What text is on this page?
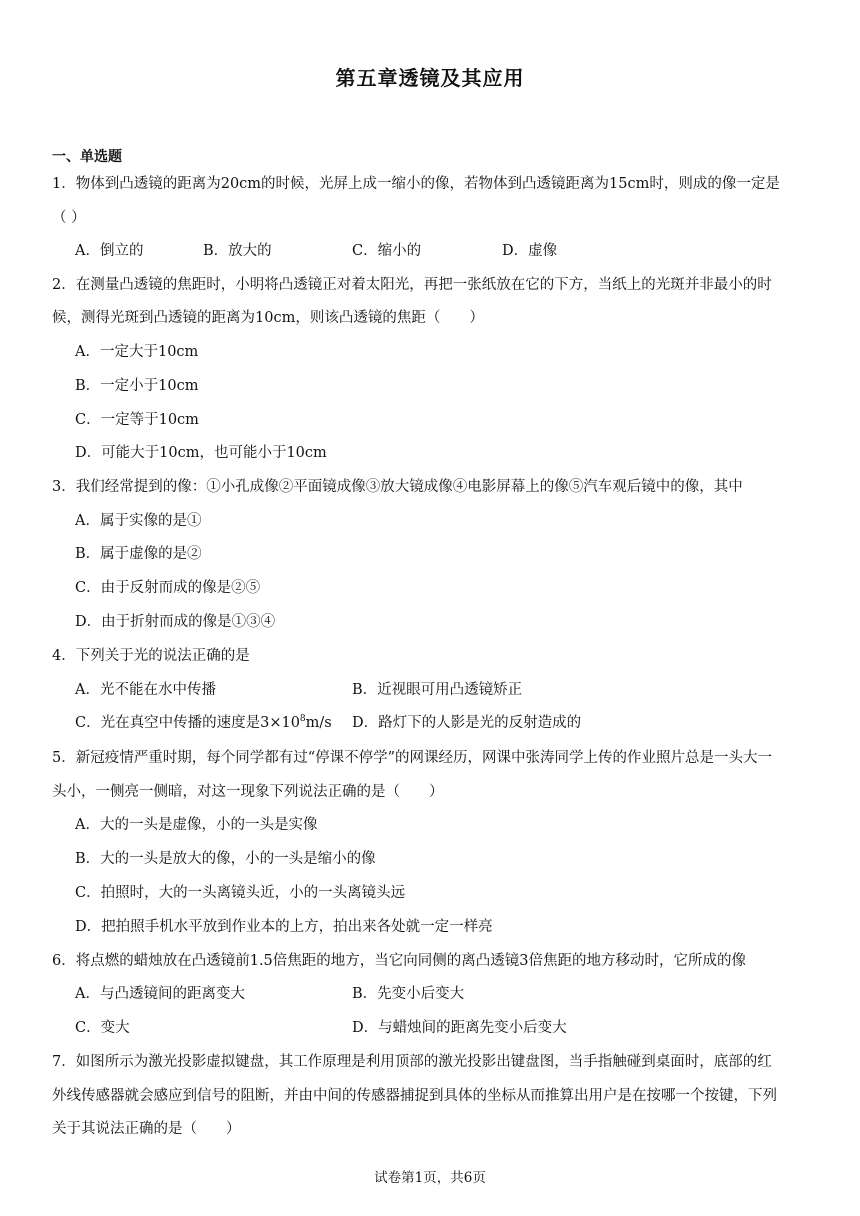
第五章透镜及其应用
一、单选题
1．物体到凸透镜的距离为20cm的时候，光屏上成一缩小的像，若物体到凸透镜距离为15cm时，则成的像一定是
（ ）
A．倒立的	B．放大的	C．缩小的	D．虚像
2．在测量凸透镜的焦距时，小明将凸透镜正对着太阳光，再把一张纸放在它的下方，当纸上的光斑并非最小的时
候，测得光斑到凸透镜的距离为10cm，则该凸透镜的焦距（　　）
A．一定大于10cm
B．一定小于10cm
C．一定等于10cm
D．可能大于10cm，也可能小于10cm
3．我们经常提到的像：①小孔成像②平面镜成像③放大镜成像④电影屏幕上的像⑤汽车观后镜中的像，其中
A．属于实像的是①
B．属于虚像的是②
C．由于反射而成的像是②⑤
D．由于折射而成的像是①③④
4．下列关于光的说法正确的是
A．光不能在水中传播	B．近视眼可用凸透镜矫正
C．光在真空中传播的速度是$3\times 10^8m/s$ D．路灯下的人影是光的反射造成的
5．新冠疫情严重时期，每个同学都有过“停课不停学”的网课经历，网课中张涛同学上传的作业照片总是一头大一
头小，一侧亮一侧暗，对这一现象下列说法正确的是（　　）
A．大的一头是虚像，小的一头是实像
B．大的一头是放大的像，小的一头是缩小的像
C．拍照时，大的一头离镜头近，小的一头离镜头远
D．把拍照手机水平放到作业本的上方，拍出来各处就一定一样亮
6．将点燃的蜡烛放在凸透镜前1.5倍焦距的地方，当它向同侧的离凸透镜3倍焦距的地方移动时，它所成的像
A．与凸透镜间的距离变大	B．先变小后变大
C．变大	D．与蜡烛间的距离先变小后变大
7．如图所示为激光投影虚拟键盘，其工作原理是利用顶部的激光投影出键盘图，当手指触碰到桌面时，底部的红
外线传感器就会感应到信号的阻断，并由中间的传感器捕捉到具体的坐标从而推算出用户是在按哪一个按键，下列
关于其说法正确的是（　　）
试卷第1页，共6页
